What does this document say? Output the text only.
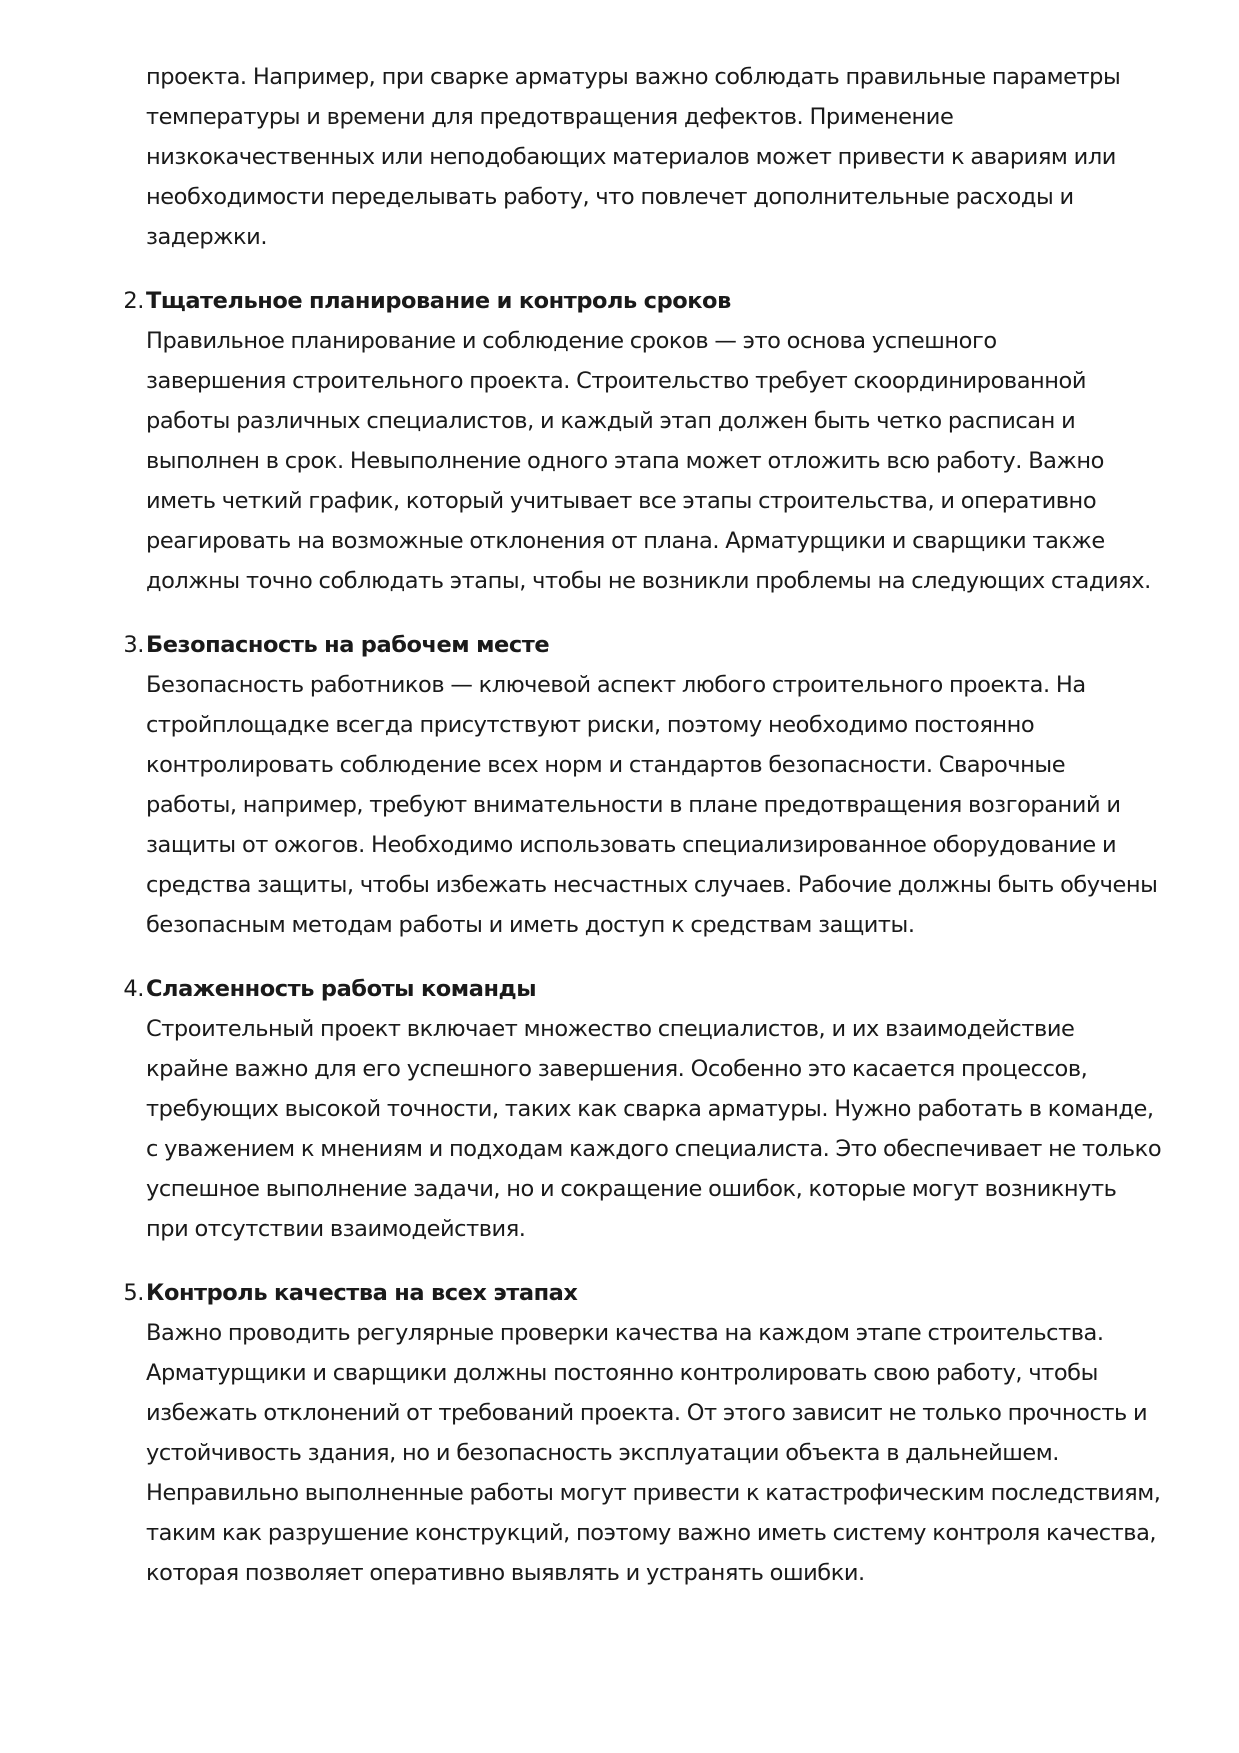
проекта. Например, при сварке арматуры важно соблюдать правильные параметры
температуры и времени для предотвращения дефектов. Применение
низкокачественных или неподобающих материалов может привести к авариям или
необходимости переделывать работу, что повлечет дополнительные расходы и
задержки.

2. Тщательное планирование и контроль сроков

Правильное планирование и соблюдение сроков — это основа успешного
завершения строительного проекта. Строительство требует скоординированной
работы различных специалистов, и каждый этап должен быть четко расписан и
выполнен в срок. Невыполнение одного этапа может отложить всю работу. Важно
иметь четкий график, который учитывает все этапы строительства, и оперативно
реагировать на возможные отклонения от плана. Арматурщики и сварщики также
должны точно соблюдать этапы, чтобы не возникли проблемы на следующих стадиях.

3. Безопасность на рабочем месте

Безопасность работников — ключевой аспект любого строительного проекта. На
стройплощадке всегда присутствуют риски, поэтому необходимо постоянно
контролировать соблюдение всех норм и стандартов безопасности. Сварочные
работы, например, требуют внимательности в плане предотвращения возгораний и
защиты от ожогов. Необходимо использовать специализированное оборудование и
средства защиты, чтобы избежать несчастных случаев. Рабочие должны быть обучены
безопасным методам работы и иметь доступ к средствам защиты.

4. Слаженность работы команды

Строительный проект включает множество специалистов, и их взаимодействие
крайне важно для его успешного завершения. Особенно это касается процессов,
требующих высокой точности, таких как сварка арматуры. Нужно работать в команде,
с уважением к мнениям и подходам каждого специалиста. Это обеспечивает не только
успешное выполнение задачи, но и сокращение ошибок, которые могут возникнуть
при отсутствии взаимодействия.

5. Контроль качества на всех этапах

Важно проводить регулярные проверки качества на каждом этапе строительства.
Арматурщики и сварщики должны постоянно контролировать свою работу, чтобы
избежать отклонений от требований проекта. От этого зависит не только прочность и
устойчивость здания, но и безопасность эксплуатации объекта в дальнейшем.
Неправильно выполненные работы могут привести к катастрофическим последствиям,
таким как разрушение конструкций, поэтому важно иметь систему контроля качества,
которая позволяет оперативно выявлять и устранять ошибки.
